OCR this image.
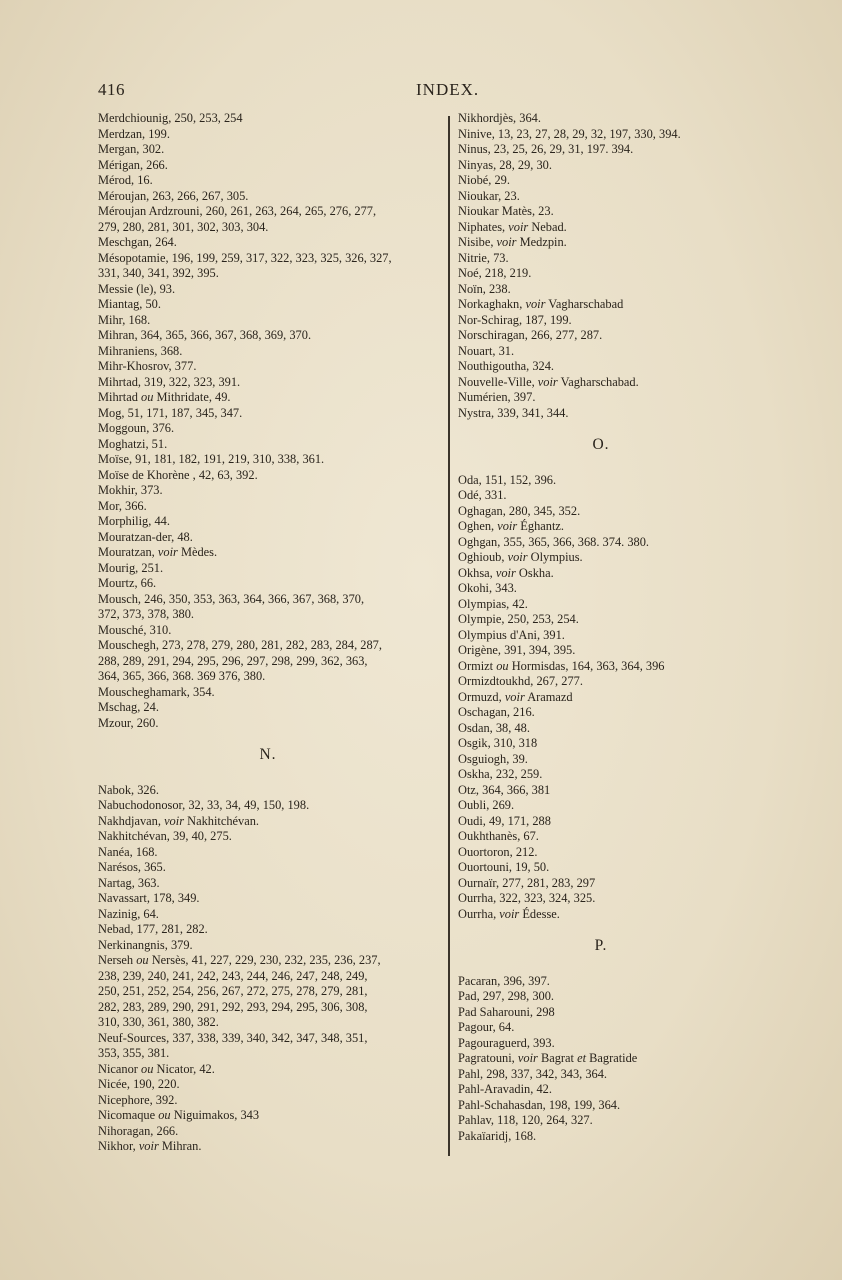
416	INDEX.
Merdchiounig, 250, 253, 254
Merdzan, 199.
Mergan, 302.
Mérigan, 266.
Mérod, 16.
Méroujan, 263, 266, 267, 305.
Méroujan Ardzrouni, 260, 261, 263, 264, 265, 276, 277,
279, 280, 281, 301, 302, 303, 304.
Meschgan, 264.
Mésopotamie, 196, 199, 259, 317, 322, 323, 325, 326, 327,
331, 340, 341, 392, 395.
Messie (le), 93.
Miantag, 50.
Mihr, 168.
Mihran, 364, 365, 366, 367, 368, 369, 370.
Mihraniens, 368.
Mihr-Khosrov, 377.
Mihrtad, 319, 322, 323, 391.
Mihrtad ou Mithridate, 49.
Mog, 51, 171, 187, 345, 347.
Moggoun, 376.
Moghatzi, 51.
Moïse, 91, 181, 182, 191, 219, 310, 338, 361.
Moïse de Khorène , 42, 63, 392.
Mokhir, 373.
Mor, 366.
Morphilig, 44.
Mouratzan-der, 48.
Mouratzan, voir Mèdes.
Mourig, 251.
Mourtz, 66.
Mousch, 246, 350, 353, 363, 364, 366, 367, 368, 370,
372, 373, 378, 380.
Mousché, 310.
Mouschegh, 273, 278, 279, 280, 281, 282, 283, 284, 287,
288, 289, 291, 294, 295, 296, 297, 298, 299, 362, 363,
364, 365, 366, 368. 369 376, 380.
Mouscheghamark, 354.
Mschag, 24.
Mzour, 260.
N.
Nabok, 326.
Nabuchodonosor, 32, 33, 34, 49, 150, 198.
Nakhdjavan, voir Nakhitchévan.
Nakhitchévan, 39, 40, 275.
Nanéa, 168.
Narésos, 365.
Nartag, 363.
Navassart, 178, 349.
Nazinig, 64.
Nebad, 177, 281, 282.
Nerkinangnis, 379.
Nerseh ou Nersès, 41, 227, 229, 230, 232, 235, 236, 237,
238, 239, 240, 241, 242, 243, 244, 246, 247, 248, 249,
250, 251, 252, 254, 256, 267, 272, 275, 278, 279, 281,
282, 283, 289, 290, 291, 292, 293, 294, 295, 306, 308,
310, 330, 361, 380, 382.
Neuf-Sources, 337, 338, 339, 340, 342, 347, 348, 351,
353, 355, 381.
Nicanor ou Nicator, 42.
Nicée, 190, 220.
Nicephore, 392.
Nicomaque ou Niguimakos, 343
Nihoragan, 266.
Nikhor, voir Mihran.
Nikhordjès, 364.
Ninive, 13, 23, 27, 28, 29, 32, 197, 330, 394.
Ninus, 23, 25, 26, 29, 31, 197. 394.
Ninyas, 28, 29, 30.
Niobé, 29.
Nioukar, 23.
Nioukar Matès, 23.
Niphates, voir Nebad.
Nisibe, voir Medzpin.
Nitrie, 73.
Noé, 218, 219.
Noïn, 238.
Norkaghakn, voir Vagharschabad
Nor-Schirag, 187, 199.
Norschiragan, 266, 277, 287.
Nouart, 31.
Nouthigoutha, 324.
Nouvelle-Ville, voir Vagharschabad.
Numérien, 397.
Nystra, 339, 341, 344.
O.
Oda, 151, 152, 396.
Odé, 331.
Oghagan, 280, 345, 352.
Oghen, voir Éghantz.
Oghgan, 355, 365, 366, 368. 374. 380.
Oghioub, voir Olympius.
Okhsa, voir Oskha.
Okohi, 343.
Olympias, 42.
Olympie, 250, 253, 254.
Olympius d'Ani, 391.
Origène, 391, 394, 395.
Ormizt ou Hormisdas, 164, 363, 364, 396
Ormizdtoukhd, 267, 277.
Ormuzd, voir Aramazd
Oschagan, 216.
Osdan, 38, 48.
Osgik, 310, 318
Osguiogh, 39.
Oskha, 232, 259.
Otz, 364, 366, 381
Oubli, 269.
Oudi, 49, 171, 288
Oukhthanès, 67.
Ouortoron, 212.
Ouortouni, 19, 50.
Ournaïr, 277, 281, 283, 297
Ourrha, 322, 323, 324, 325.
Ourrha, voir Édesse.
P.
Pacaran, 396, 397.
Pad, 297, 298, 300.
Pad Saharouni, 298
Pagour, 64.
Pagouraguerd, 393.
Pagratouni, voir Bagrat et Bagratide
Pahl, 298, 337, 342, 343, 364.
Pahl-Aravadin, 42.
Pahl-Schahasdan, 198, 199, 364.
Pahlav, 118, 120, 264, 327.
Pakaïaridj, 168.
